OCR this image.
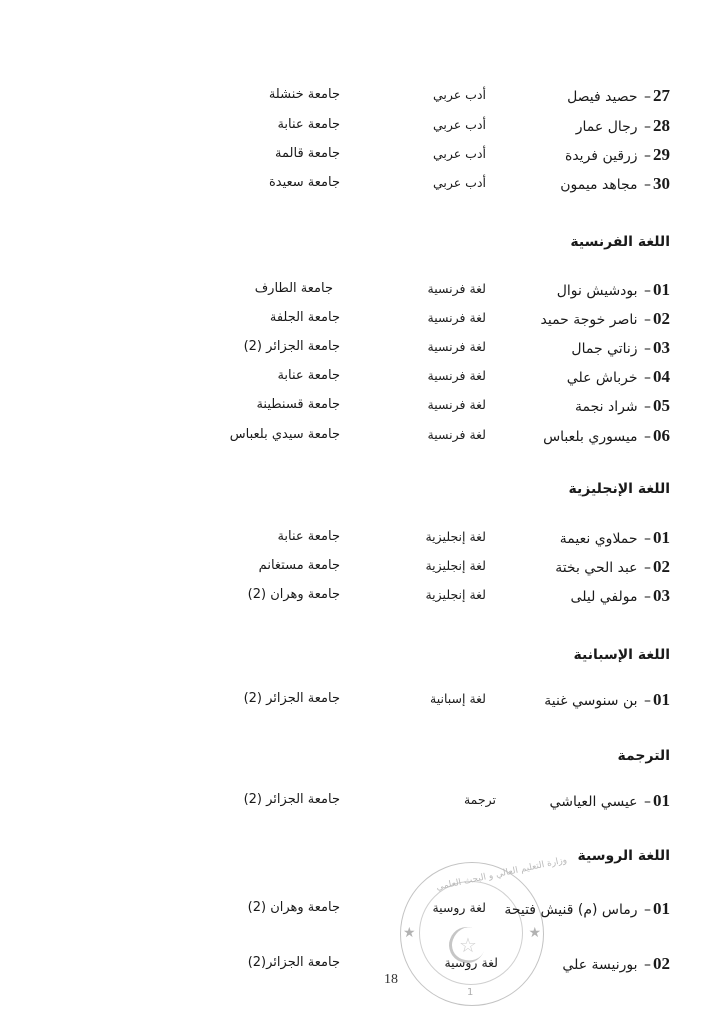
27– حصيد فيصل
أدب عربي
جامعة خنشلة
28– رجال عمار
أدب عربي
جامعة عنابة
29– زرقين فريدة
أدب عربي
جامعة قالمة
30– مجاهد ميمون
أدب عربي
جامعة سعيدة
اللغة الفرنسية
01– بودشيش نوال
لغة فرنسية
جامعة الطارف
02– ناصر خوجة حميد
لغة فرنسية
جامعة الجلفة
03– زناتي جمال
لغة فرنسية
جامعة الجزائر (2)
04– خرباش علي
لغة فرنسية
جامعة عنابة
05– شراد نجمة
لغة فرنسية
جامعة قسنطينة
06– ميسوري بلعباس
لغة فرنسية
جامعة سيدي بلعباس
اللغة الإنجليزية
01– حملاوي نعيمة
لغة إنجليزية
جامعة عنابة
02– عبد الحي بختة
لغة إنجليزية
جامعة مستغانم
03– مولفي ليلى
لغة إنجليزية
جامعة وهران (2)
اللغة الإسبانية
01– بن سنوسي غنية
لغة إسبانية
جامعة الجزائر (2)
الترجمة
01– عيسي العياشي
ترجمة
جامعة الجزائر (2)
وزارة التعليم العالي و البحث العلمي
★	★
☆
1
اللغة الروسية
01– رماس (م) قنيش فتيحة
لغة روسية
جامعة وهران (2)
02– بورنيسة علي
لغة روسية
جامعة الجزائر(2)
18
